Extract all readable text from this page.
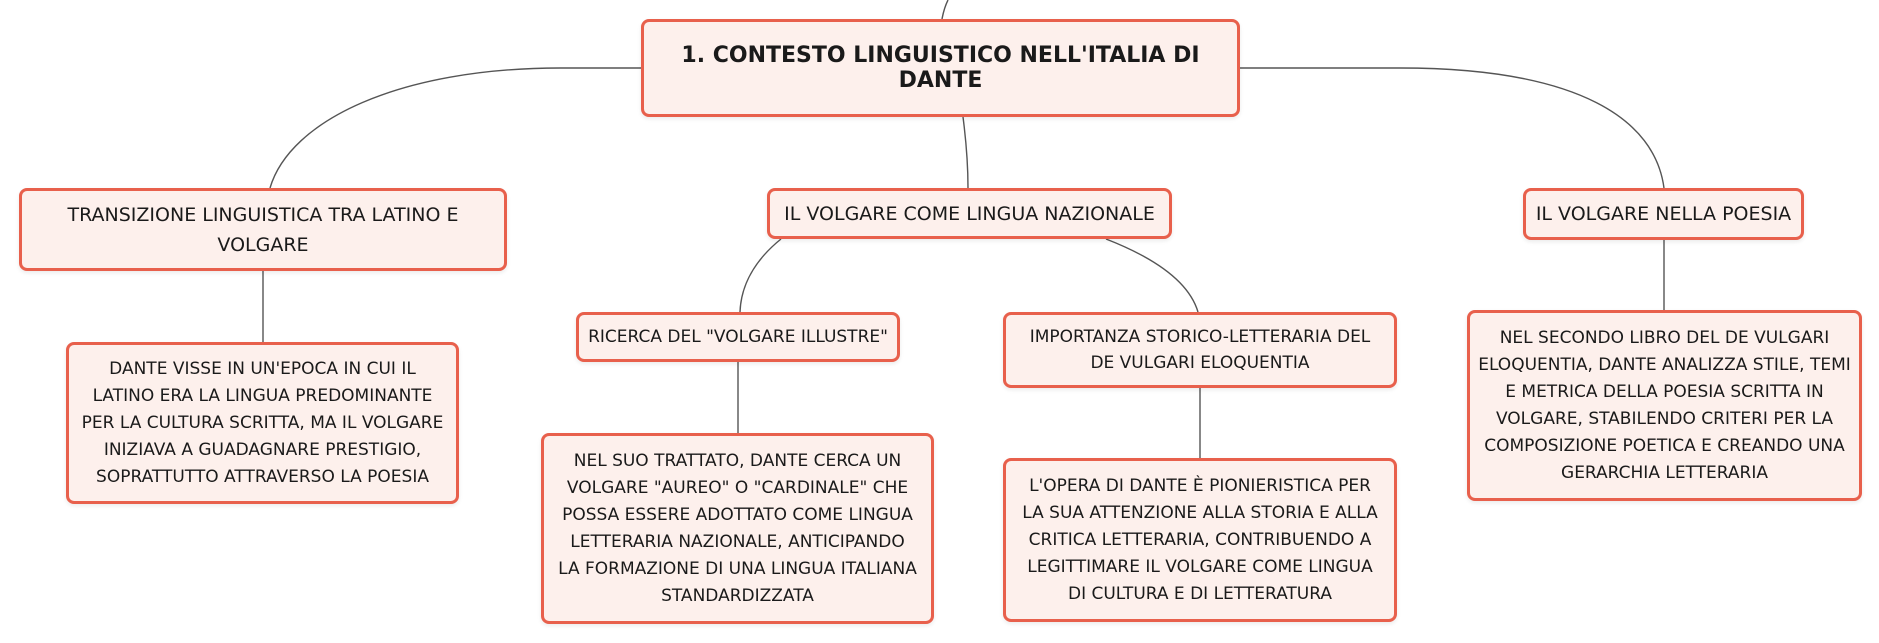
1. CONTESTO LINGUISTICO NELL'ITALIA DI DANTE
TRANSIZIONE LINGUISTICA TRA LATINO E VOLGARE
IL VOLGARE COME LINGUA NAZIONALE	IL VOLGARE NELLA POESIA
DANTE VISSE IN UN'EPOCA IN CUI IL LATINO ERA LA LINGUA PREDOMINANTE PER LA CULTURA SCRITTA, MA IL VOLGARE INIZIAVA A GUADAGNARE PRESTIGIO, SOPRATTUTTO ATTRAVERSO LA POESIA
RICERCA DEL "VOLGARE ILLUSTRE"	IMPORTANZA STORICO-LETTERARIA DEL DE VULGARI ELOQUENTIA
NEL SUO TRATTATO, DANTE CERCA UN VOLGARE "AUREO" O "CARDINALE" CHE POSSA ESSERE ADOTTATO COME LINGUA LETTERARIA NAZIONALE, ANTICIPANDO LA FORMAZIONE DI UNA LINGUA ITALIANA STANDARDIZZATA
L'OPERA DI DANTE È PIONIERISTICA PER LA SUA ATTENZIONE ALLA STORIA E ALLA CRITICA LETTERARIA, CONTRIBUENDO A LEGITTIMARE IL VOLGARE COME LINGUA DI CULTURA E DI LETTERATURA
NEL SECONDO LIBRO DEL DE VULGARI ELOQUENTIA, DANTE ANALIZZA STILE, TEMI E METRICA DELLA POESIA SCRITTA IN VOLGARE, STABILENDO CRITERI PER LA COMPOSIZIONE POETICA E CREANDO UNA GERARCHIA LETTERARIA
